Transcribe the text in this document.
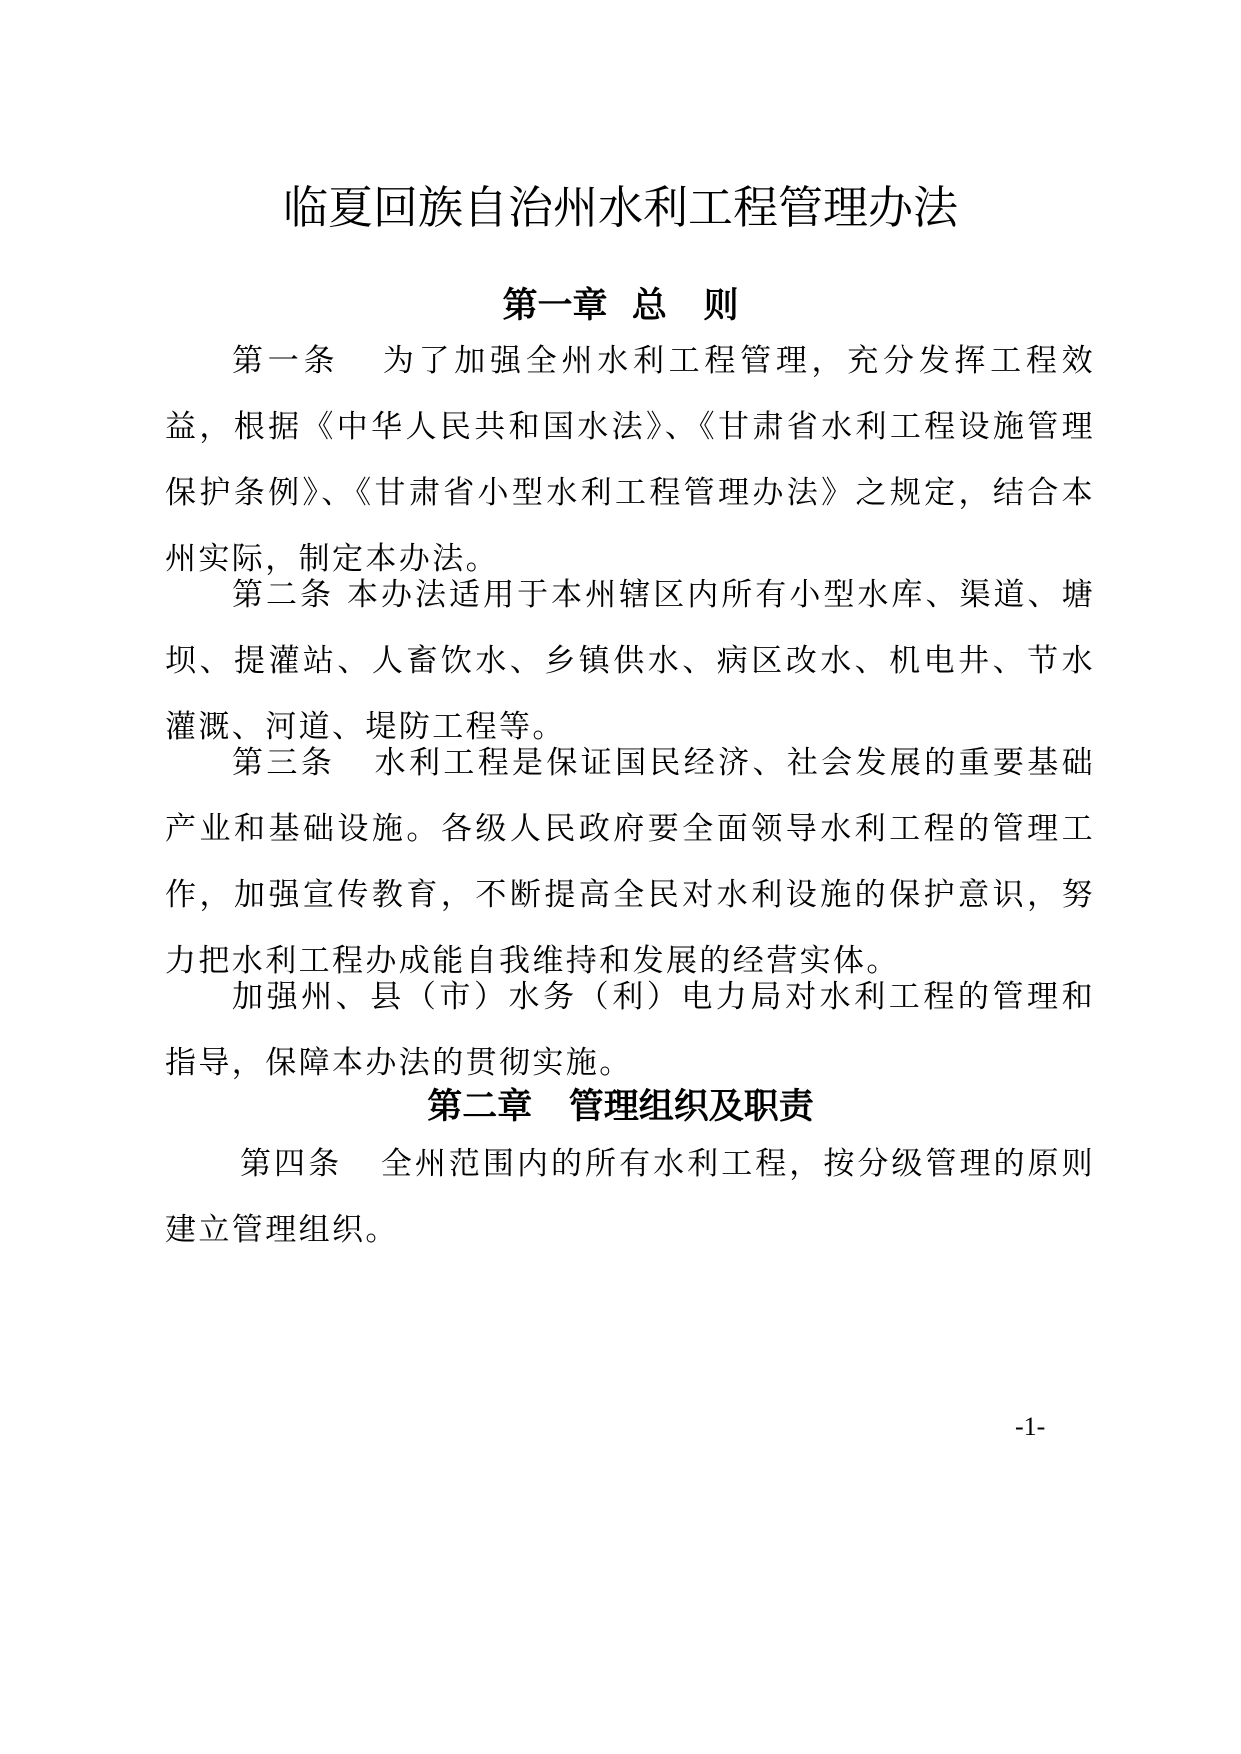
临夏回族自治州水利工程管理办法
第一章  总   则

第一条   为了加强全州水利工程管理，充分发挥工程效益，根据《中华人民共和国水法》、《甘肃省水利工程设施管理保护条例》、《甘肃省小型水利工程管理办法》之规定，结合本州实际，制定本办法。

第二条 本办法适用于本州辖区内所有小型水库、渠道、塘坝、提灌站、人畜饮水、乡镇供水、病区改水、机电井、节水灌溉、河道、堤防工程等。

第三条   水利工程是保证国民经济、社会发展的重要基础产业和基础设施。各级人民政府要全面领导水利工程的管理工作，加强宣传教育，不断提高全民对水利设施的保护意识，努力把水利工程办成能自我维持和发展的经营实体。

加强州、县（市）水务（利）电力局对水利工程的管理和指导，保障本办法的贯彻实施。

第二章   管理组织及职责

第四条   全州范围内的所有水利工程，按分级管理的原则建立管理组织。

-1-
